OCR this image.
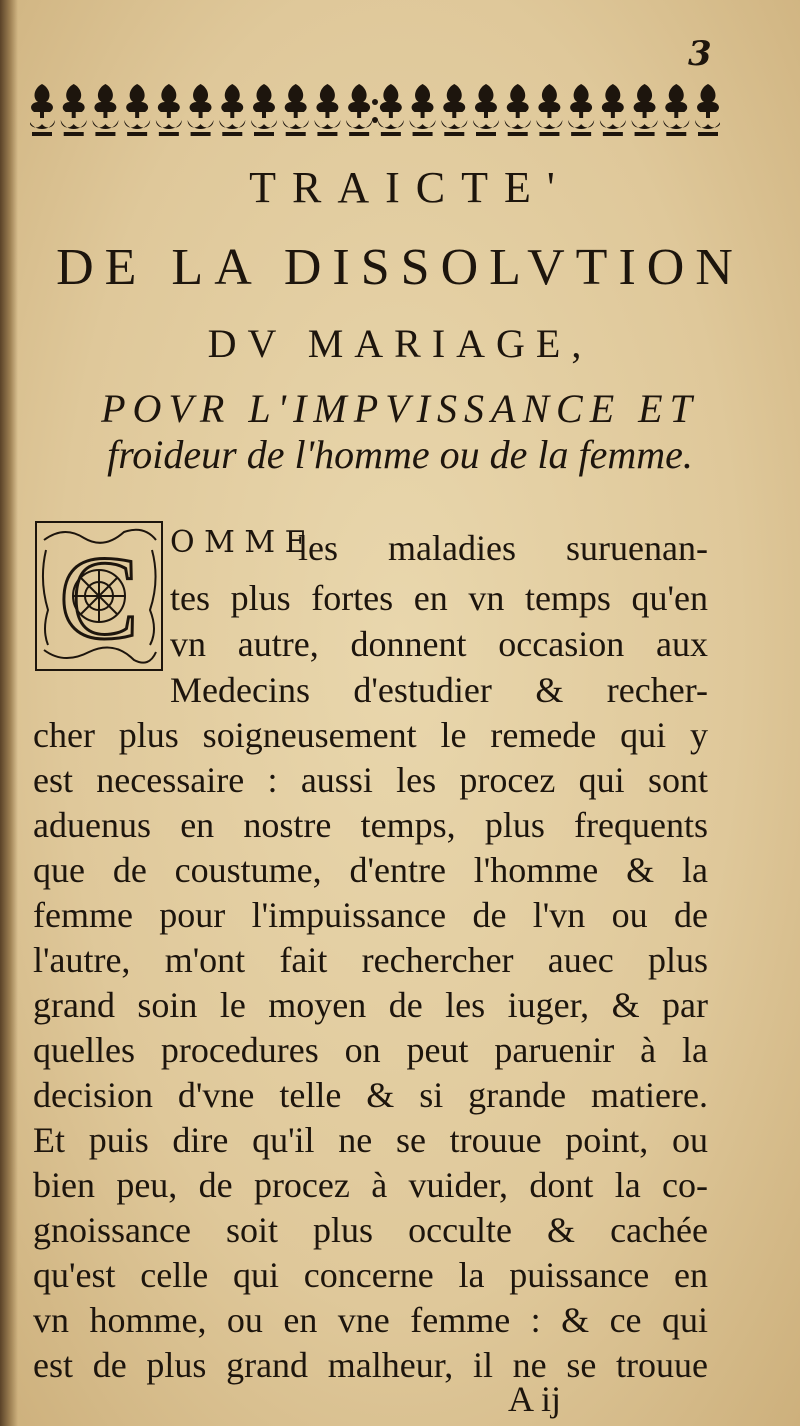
3
TRAICTE'
DE LA DISSOLVTION
DV MARIAGE,
POVR L'IMPVISSANCE ET
froideur de l'homme ou de la femme.
C O M M E
les maladies suruenan-
tes plus fortes en vn temps qu'en
vn autre, donnent occasion aux
Medecins d'estudier & recher-
cher plus soigneusement le remede qui y
est necessaire : aussi les procez qui sont
aduenus en nostre temps, plus frequents
que de coustume, d'entre l'homme & la
femme pour l'impuissance de l'vn ou de
l'autre, m'ont fait rechercher auec plus
grand soin le moyen de les iuger, & par
quelles procedures on peut paruenir à la
decision d'vne telle & si grande matiere.
Et puis dire qu'il ne se trouue point, ou
bien peu, de procez à vuider, dont la co-
gnoissance soit plus occulte & cachée
qu'est celle qui concerne la puissance en
vn homme, ou en vne femme : & ce qui
est de plus grand malheur, il ne se trouue
A ij
